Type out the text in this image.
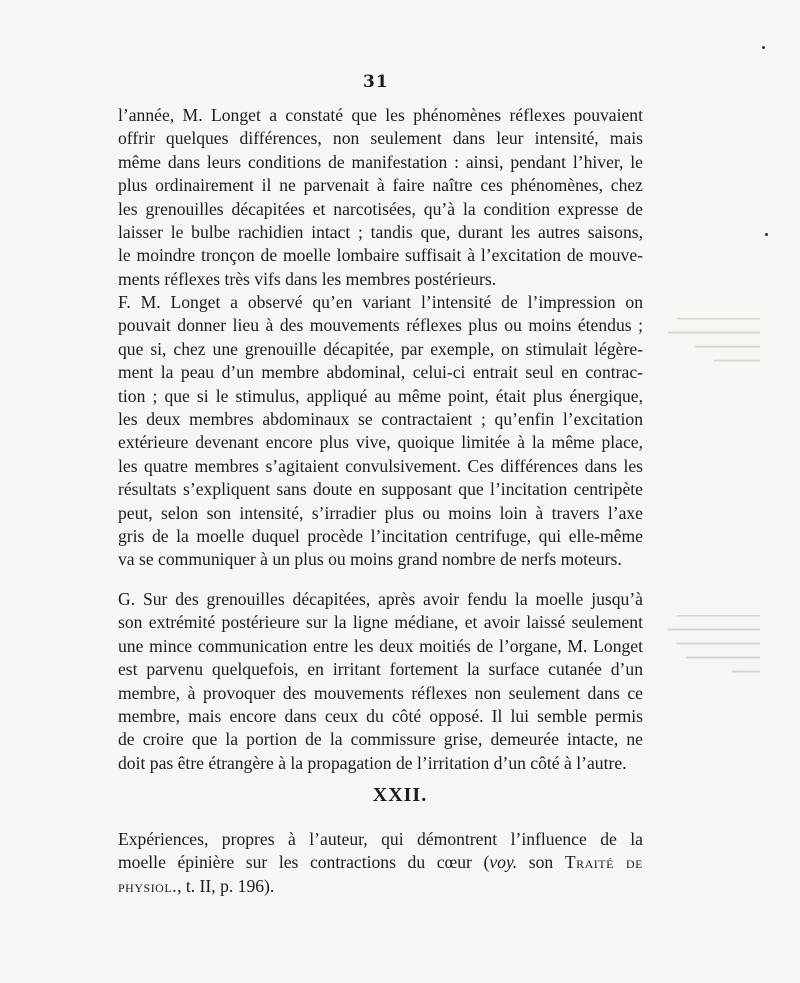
▔▔▔▔▔▔▔▔▔
▔▔▔▔▔▔▔▔▔▔
▔▔▔▔▔▔▔
▔▔▔▔▔
▔▔▔▔▔▔▔▔▔
▔▔▔▔▔▔▔▔▔▔
▔▔▔▔▔▔▔▔▔
▔▔▔▔▔▔▔▔
▔▔▔
31
l’année, M. Longet a constaté que les phénomènes réflexes pouvaient
offrir quelques différences, non seulement dans leur intensité, mais
même dans leurs conditions de manifestation : ainsi, pendant l’hiver, le
plus ordinairement il ne parvenait à faire naître ces phénomènes, chez
les grenouilles décapitées et narcotisées, qu’à la condition expresse de
laisser le bulbe rachidien intact ; tandis que, durant les autres saisons,
le moindre tronçon de moelle lombaire suffisait à l’excitation de mouve-
ments réflexes très vifs dans les membres postérieurs.
F. M. Longet a observé qu’en variant l’intensité de l’impression on
pouvait donner lieu à des mouvements réflexes plus ou moins étendus ;
que si, chez une grenouille décapitée, par exemple, on stimulait légère-
ment la peau d’un membre abdominal, celui-ci entrait seul en contrac-
tion ; que si le stimulus, appliqué au même point, était plus énergique,
les deux membres abdominaux se contractaient ; qu’enfin l’excitation
extérieure devenant encore plus vive, quoique limitée à la même place,
les quatre membres s’agitaient convulsivement. Ces différences dans les
résultats s’expliquent sans doute en supposant que l’incitation centripète
peut, selon son intensité, s’irradier plus ou moins loin à travers l’axe
gris de la moelle duquel procède l’incitation centrifuge, qui elle-même
va se communiquer à un plus ou moins grand nombre de nerfs moteurs.
G. Sur des grenouilles décapitées, après avoir fendu la moelle jusqu’à
son extrémité postérieure sur la ligne médiane, et avoir laissé seulement
une mince communication entre les deux moitiés de l’organe, M. Longet
est parvenu quelquefois, en irritant fortement la surface cutanée d’un
membre, à provoquer des mouvements réflexes non seulement dans ce
membre, mais encore dans ceux du côté opposé. Il lui semble permis
de croire que la portion de la commissure grise, demeurée intacte, ne
doit pas être étrangère à la propagation de l’irritation d’un côté à l’autre.
XXII.
Expériences, propres à l’auteur, qui démontrent l’influence de la
moelle épinière sur les contractions du cœur (voy. son Traité de
physiol., t. II, p. 196).
